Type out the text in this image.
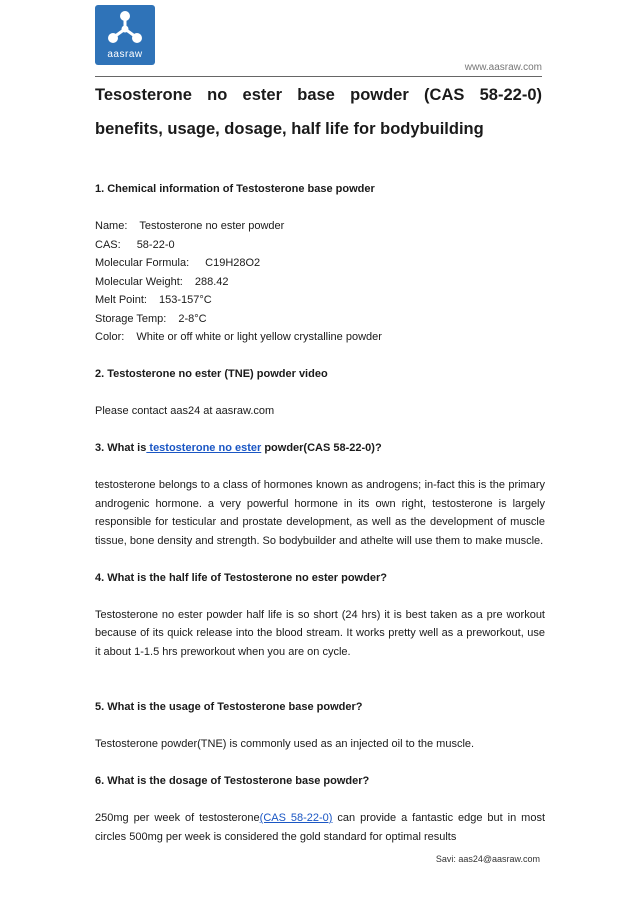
aasraw
www.aasraw.com
Tesosterone no ester base powder (CAS 58-22-0)
benefits, usage, dosage, half life for bodybuilding

1. Chemical information of Testosterone base powder

Name: Testosterone no ester powder

CAS: 58-22-0

Molecular Formula: C19H28O2

Molecular Weight: 288.42

Melt Point: 153-157°C

Storage Temp: 2-8°C

Color: White or off white or light yellow crystalline powder

2. Testosterone no ester (TNE) powder video

Please contact aas24 at aasraw.com

3. What is testosterone no ester powder(CAS 58-22-0)?

testosterone belongs to a class of hormones known as androgens; in-fact this is the primary androgenic hormone. a very powerful hormone in its own right, testosterone is largely responsible for testicular and prostate development, as well as the development of muscle tissue, bone density and strength. So bodybuilder and athelte will use them to make muscle.

4. What is the half life of Testosterone no ester powder?

Testosterone no ester powder half life is so short (24 hrs) it is best taken as a pre workout because of its quick release into the blood stream. It works pretty well as a preworkout, use it about 1-1.5 hrs preworkout when you are on cycle.

5. What is the usage of Testosterone base powder?

Testosterone powder(TNE) is commonly used as an injected oil to the muscle.

6. What is the dosage of Testosterone base powder?

250mg per week of testosterone(CAS 58-22-0) can provide a fantastic edge but in most circles 500mg per week is considered the gold standard for optimal results

Savi: aas24@aasraw.com
